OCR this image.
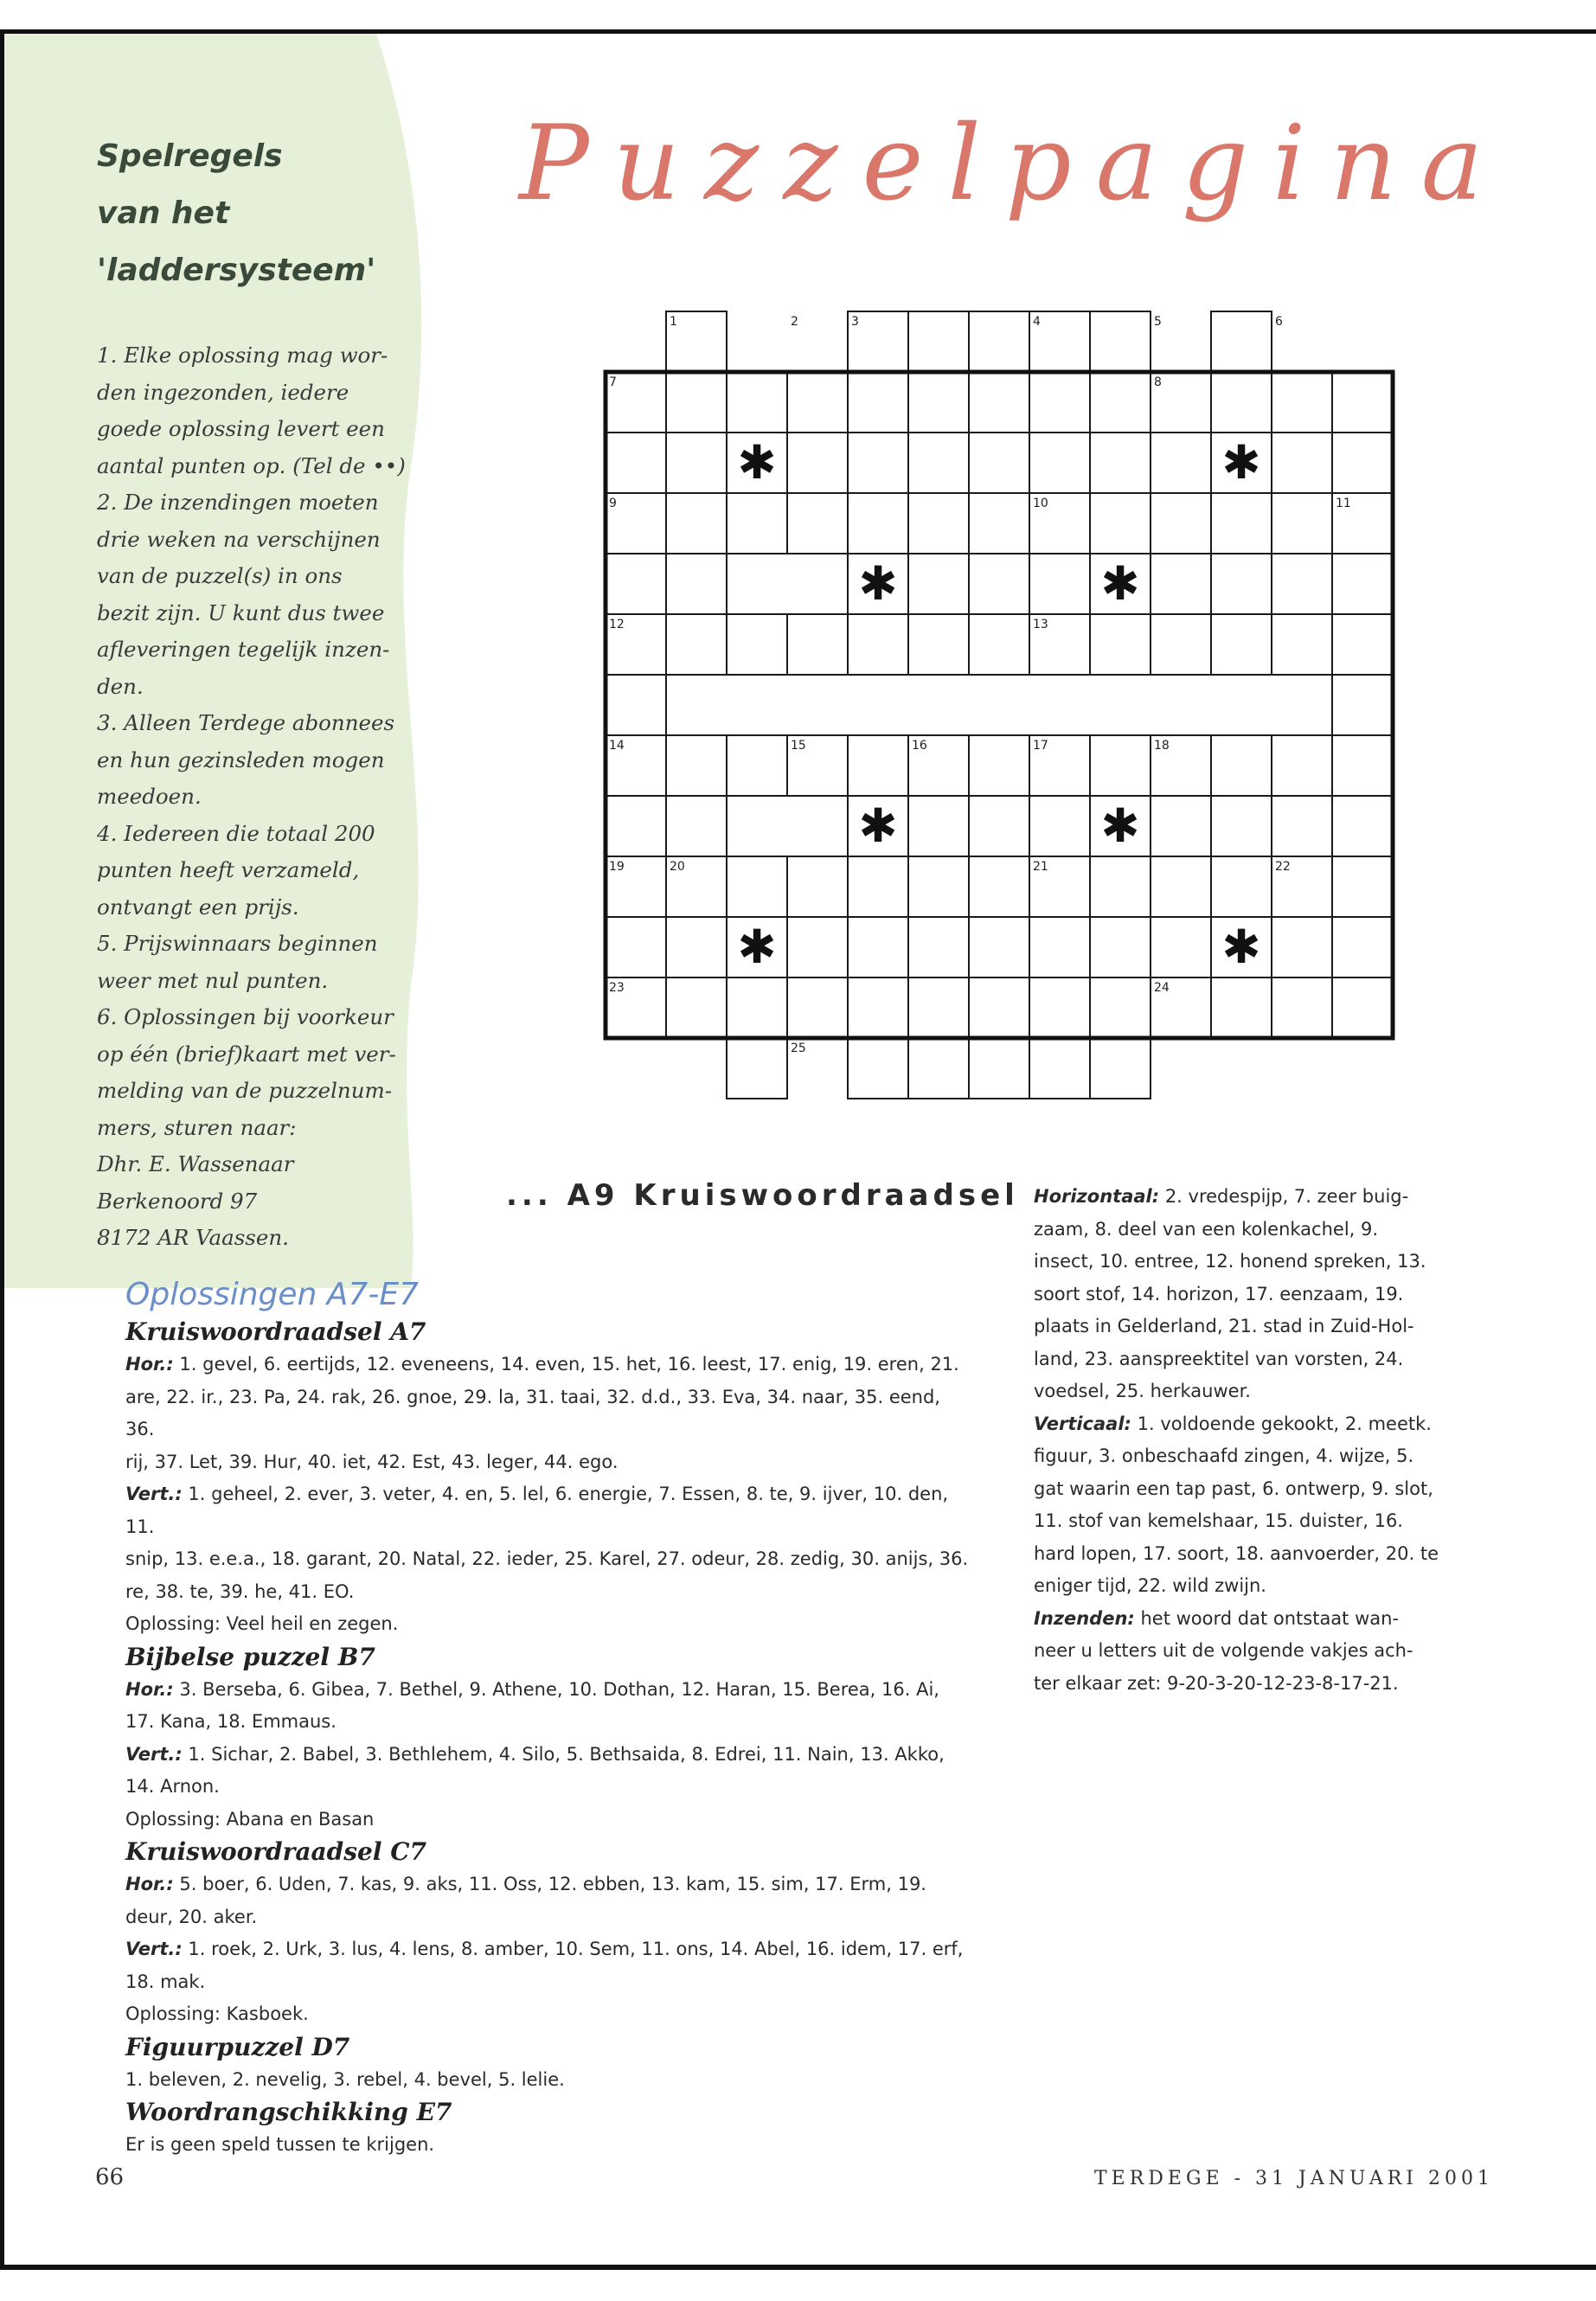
Puzzelpagina
Spelregels
van het
'laddersysteem'

1. Elke oplossing mag wor-

den ingezonden, iedere

goede oplossing levert een

aantal punten op. (Tel de ••)

2. De inzendingen moeten

drie weken na verschijnen

van de puzzel(s) in ons

bezit zijn. U kunt dus twee

afleveringen tegelijk inzen-

den.

3. Alleen Terdege abonnees

en hun gezinsleden mogen

meedoen.

4. Iedereen die totaal 200

punten heeft verzameld,

ontvangt een prijs.

5. Prijswinnaars beginnen

weer met nul punten.

6. Oplossingen bij voorkeur

op één (brief)kaart met ver-

melding van de puzzelnum-

mers, sturen naar:

Dhr. E. Wassenaar
Berkenoord 97
8172 AR Vaassen.
1	2	3	4	5	6
7	8
9	10	11
12	13
14	15	16	17	18
19	20	21	22
23	24
25
✱	✱
✱	✱
✱	✱
✱	✱
... A9 Kruiswoordraadsel Horizontaal: 2. vredespijp, 7. zeer buig-
zaam, 8. deel van een kolenkachel, 9.
insect, 10. entree, 12. honend spreken, 13.
soort stof, 14. horizon, 17. eenzaam, 19.
plaats in Gelderland, 21. stad in Zuid-Hol-
land, 23. aanspreektitel van vorsten, 24.
voedsel, 25. herkauwer.
Verticaal: 1. voldoende gekookt, 2. meetk.
figuur, 3. onbeschaafd zingen, 4. wijze, 5.
gat waarin een tap past, 6. ontwerp, 9. slot,
11. stof van kemelshaar, 15. duister, 16.
hard lopen, 17. soort, 18. aanvoerder, 20. te
eniger tijd, 22. wild zwijn.
Inzenden: het woord dat ontstaat wan-
neer u letters uit de volgende vakjes ach-
ter elkaar zet: 9-20-3-20-12-23-8-17-21.
Oplossingen A7-E7
Kruiswoordraadsel A7

Hor.: 1. gevel, 6. eertijds, 12. eveneens, 14. even, 15. het, 16. leest, 17. enig, 19. eren, 21.

are, 22. ir., 23. Pa, 24. rak, 26. gnoe, 29. la, 31. taai, 32. d.d., 33. Eva, 34. naar, 35. eend, 36.

rij, 37. Let, 39. Hur, 40. iet, 42. Est, 43. leger, 44. ego.

Vert.: 1. geheel, 2. ever, 3. veter, 4. en, 5. lel, 6. energie, 7. Essen, 8. te, 9. ijver, 10. den, 11.

snip, 13. e.e.a., 18. garant, 20. Natal, 22. ieder, 25. Karel, 27. odeur, 28. zedig, 30. anijs, 36.

re, 38. te, 39. he, 41. EO.

Oplossing: Veel heil en zegen.

Bijbelse puzzel B7

Hor.: 3. Berseba, 6. Gibea, 7. Bethel, 9. Athene, 10. Dothan, 12. Haran, 15. Berea, 16. Ai,

17. Kana, 18. Emmaus.

Vert.: 1. Sichar, 2. Babel, 3. Bethlehem, 4. Silo, 5. Bethsaida, 8. Edrei, 11. Nain, 13. Akko,

14. Arnon.

Oplossing: Abana en Basan

Kruiswoordraadsel C7

Hor.: 5. boer, 6. Uden, 7. kas, 9. aks, 11. Oss, 12. ebben, 13. kam, 15. sim, 17. Erm, 19.

deur, 20. aker.

Vert.: 1. roek, 2. Urk, 3. lus, 4. lens, 8. amber, 10. Sem, 11. ons, 14. Abel, 16. idem, 17. erf,

18. mak.

Oplossing: Kasboek.

Figuurpuzzel D7

1. beleven, 2. nevelig, 3. rebel, 4. bevel, 5. lelie.

Woordrangschikking E7

Er is geen speld tussen te krijgen.

66	TERDEGE - 31 JANUARI 2001
